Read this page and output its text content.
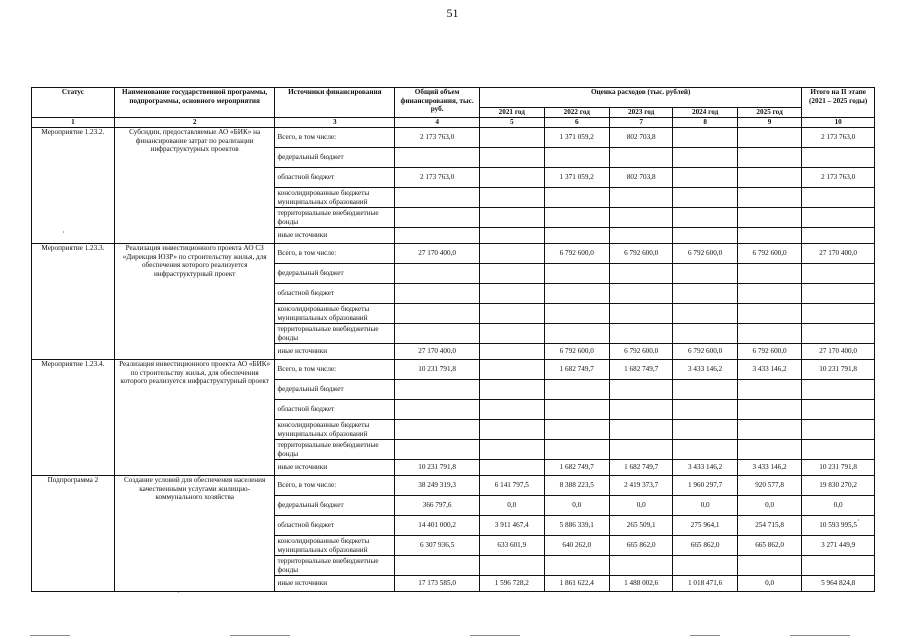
51
Статус	Наименование государственной программы, подпрограммы, основного мероприятия	Источники финансирования	Общий объем финансирования, тыс. руб.	Оценка расходов (тыс. рублей)					Итого на II этапе (2021 – 2025 годы)
				2021 год	2022 год	2023 год	2024 год	2025 год	
1	2	3	4	5	6	7	8	9	10
Мероприятие 1.23.2.	Субсидии, предоставляемые АО «БИК» на финансирование затрат по реализации инфраструктурных проектов	Всего, в том числе:	2 173 763,0		1 371 059,2	802 703,8			2 173 763,0
		федеральный бюджет							
		областной бюджет	2 173 763,0		1 371 059,2	802 703,8			2 173 763,0
		консолидированные бюджеты муниципальных образований							
		территориальные внебюджетные фонды							
		иные источники							
Мероприятие 1.23.3.	Реализация инвестиционного проекта АО СЗ «Дирекция ЮЗР» по строительству жилья, для обеспечения которого реализуется инфраструктурный проект	Всего, в том числе:	27 170 400,0		6 792 600,0	6 792 600,0	6 792 600,0	6 792 600,0	27 170 400,0
		федеральный бюджет							
		областной бюджет							
		консолидированные бюджеты муниципальных образований							
		территориальные внебюджетные фонды							
		иные источники	27 170 400,0		6 792 600,0	6 792 600,0	6 792 600,0	6 792 600,0	27 170 400,0
Мероприятие 1.23.4.	Реализация инвестиционного проекта АО «БИК» по строительству жилья, для обеспечения которого реализуется инфраструктурный проект	Всего, в том числе:	10 231 791,8		1 682 749,7	1 682 749,7	3 433 146,2	3 433 146,2	10 231 791,8
		федеральный бюджет							
		областной бюджет							
		консолидированные бюджеты муниципальных образований							
		территориальные внебюджетные фонды							
		иные источники	10 231 791,8		1 682 749,7	1 682 749,7	3 433 146,2	3 433 146,2	10 231 791,8
Подпрограмма 2	Создание условий для обеспечения населения качественными услугами жилищно-коммунального хозяйства	Всего, в том числе:	38 249 319,3	6 141 797,5	8 388 223,5	2 419 373,7	1 960 297,7	920 577,8	19 830 270,2
		федеральный бюджет	366 797,6	0,0	0,0	0,0	0,0	0,0	0,0
		областной бюджет	14 401 000,2	3 911 467,4	5 886 339,1	265 509,1	275 964,1	254 715,8	10 593 995,5
		консолидированные бюджеты муниципальных образований	6 307 936,5	633 601,9	640 262,0	665 862,0	665 862,0	665 862,0	3 271 449,9
		территориальные внебюджетные фонды							
		иные источники	17 173 585,0	1 596 728,2	1 861 622,4	1 488 002,6	1 018 471,6	0,0	5 964 824,8
·
·
·
